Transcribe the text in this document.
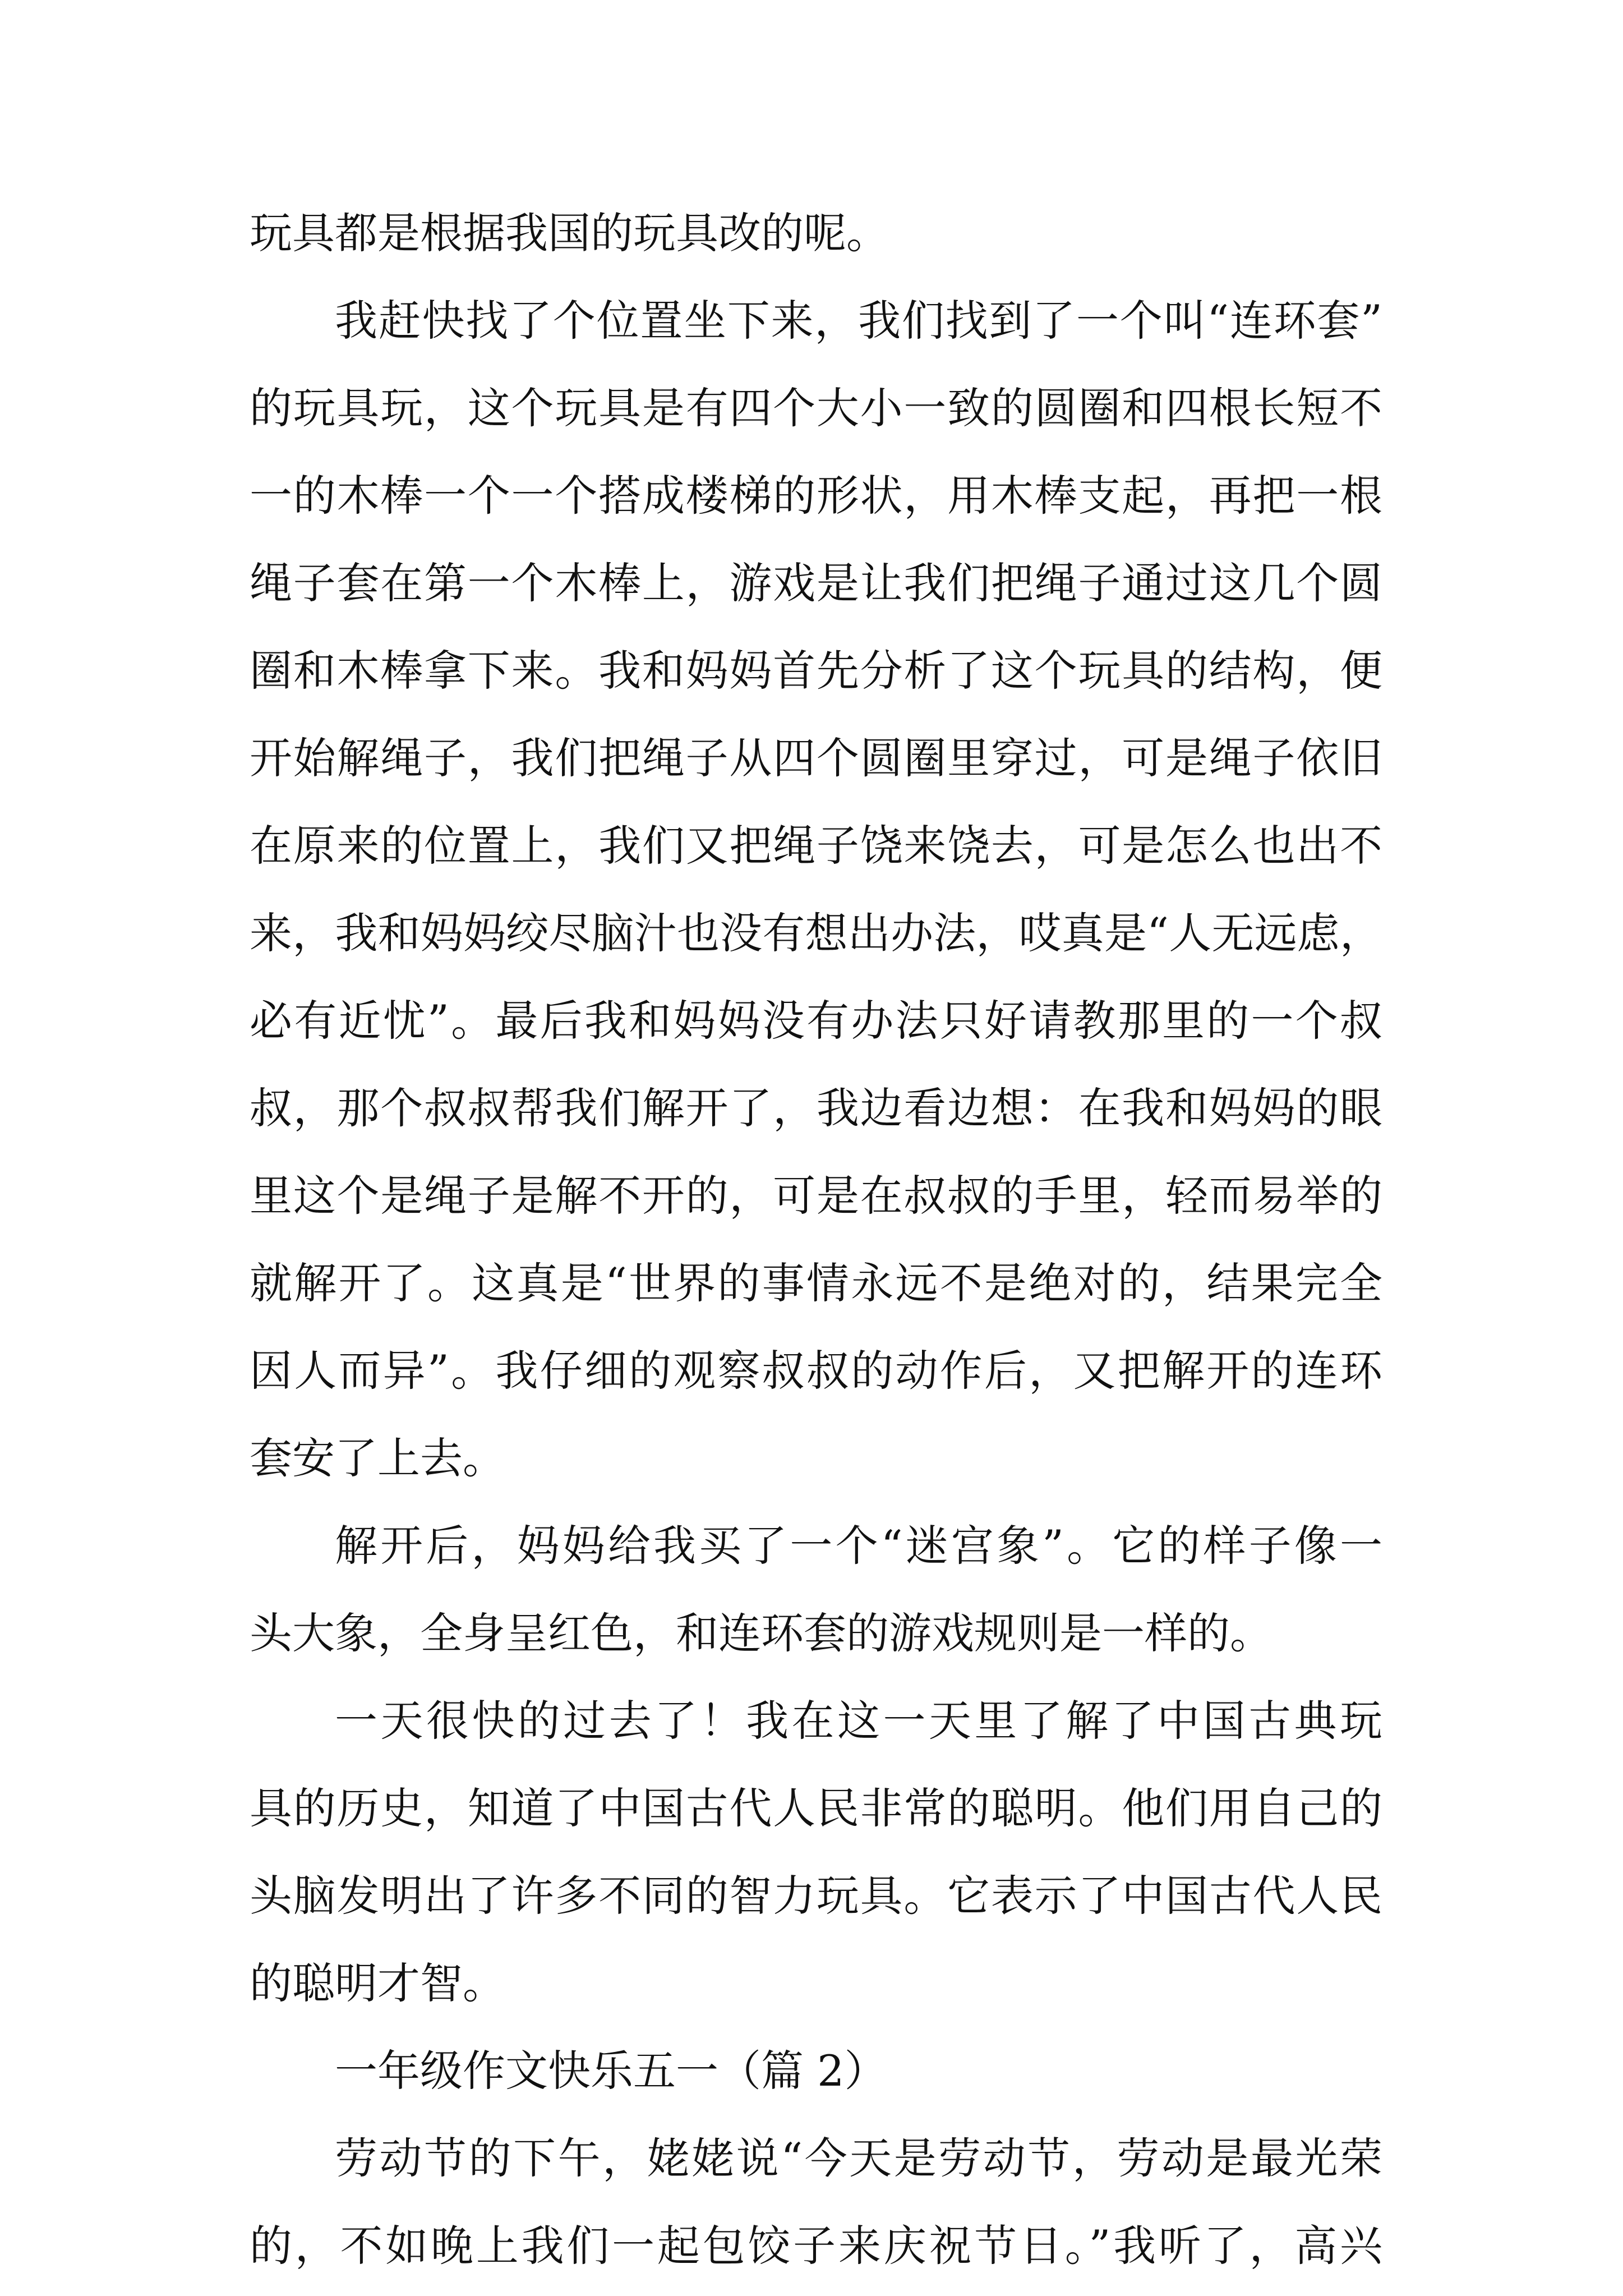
玩具都是根据我国的玩具改的呢。
我赶快找了个位置坐下来，我们找到了一个叫“连环套”
的玩具玩，这个玩具是有四个大小一致的圆圈和四根长短不
一的木棒一个一个搭成楼梯的形状，用木棒支起，再把一根
绳子套在第一个木棒上，游戏是让我们把绳子通过这几个圆
圈和木棒拿下来。我和妈妈首先分析了这个玩具的结构，便
开始解绳子，我们把绳子从四个圆圈里穿过，可是绳子依旧
在原来的位置上，我们又把绳子饶来饶去，可是怎么也出不
来，我和妈妈绞尽脑汁也没有想出办法，哎真是“人无远虑，
必有近忧”。最后我和妈妈没有办法只好请教那里的一个叔
叔，那个叔叔帮我们解开了，我边看边想：在我和妈妈的眼
里这个是绳子是解不开的，可是在叔叔的手里，轻而易举的
就解开了。这真是“世界的事情永远不是绝对的，结果完全
因人而异”。我仔细的观察叔叔的动作后，又把解开的连环
套安了上去。
解开后，妈妈给我买了一个“迷宫象”。它的样子像一
头大象，全身呈红色，和连环套的游戏规则是一样的。
一天很快的过去了！我在这一天里了解了中国古典玩
具的历史，知道了中国古代人民非常的聪明。他们用自己的
头脑发明出了许多不同的智力玩具。它表示了中国古代人民
的聪明才智。
一年级作文快乐五一（篇 2）
劳动节的下午，姥姥说“今天是劳动节，劳动是最光荣
的，不如晚上我们一起包饺子来庆祝节日。”我听了，高兴
